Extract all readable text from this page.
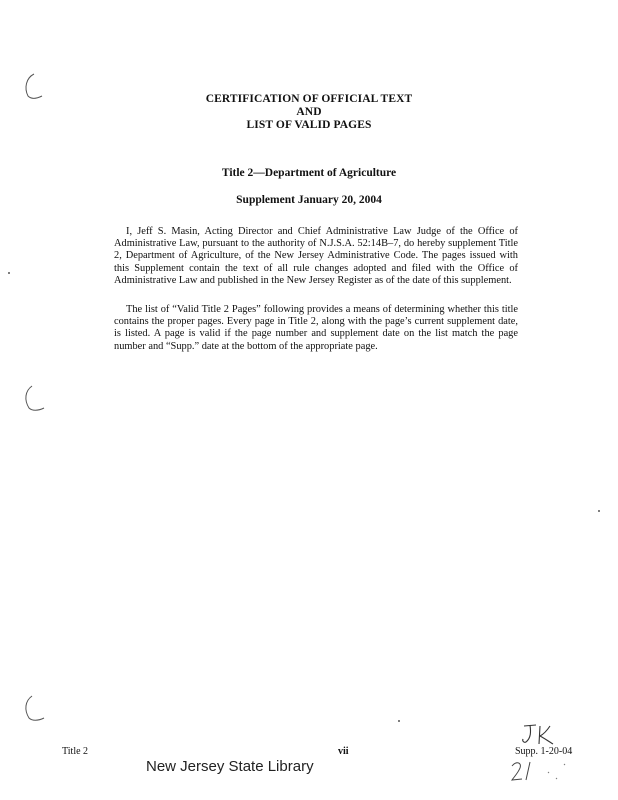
CERTIFICATION OF OFFICIAL TEXT
AND
LIST OF VALID PAGES
Title 2—Department of Agriculture
Supplement January 20, 2004

I, Jeff S. Masin, Acting Director and Chief Administrative Law Judge of the Office of Administrative Law, pursuant to the authority of N.J.S.A. 52:14B–7, do hereby supplement Title 2, Department of Agriculture, of the New Jersey Administrative Code. The pages issued with this Supplement contain the text of all rule changes adopted and filed with the Office of Administrative Law and published in the New Jersey Register as of the date of this supplement.

The list of “Valid Title 2 Pages” following provides a means of determining whether this title contains the proper pages. Every page in Title 2, along with the page’s current supplement date, is listed. A page is valid if the page number and supplement date on the list match the page number and “Supp.” date at the bottom of the appropriate page.

Title 2	vii	Supp. 1-20-04
New Jersey State Library
